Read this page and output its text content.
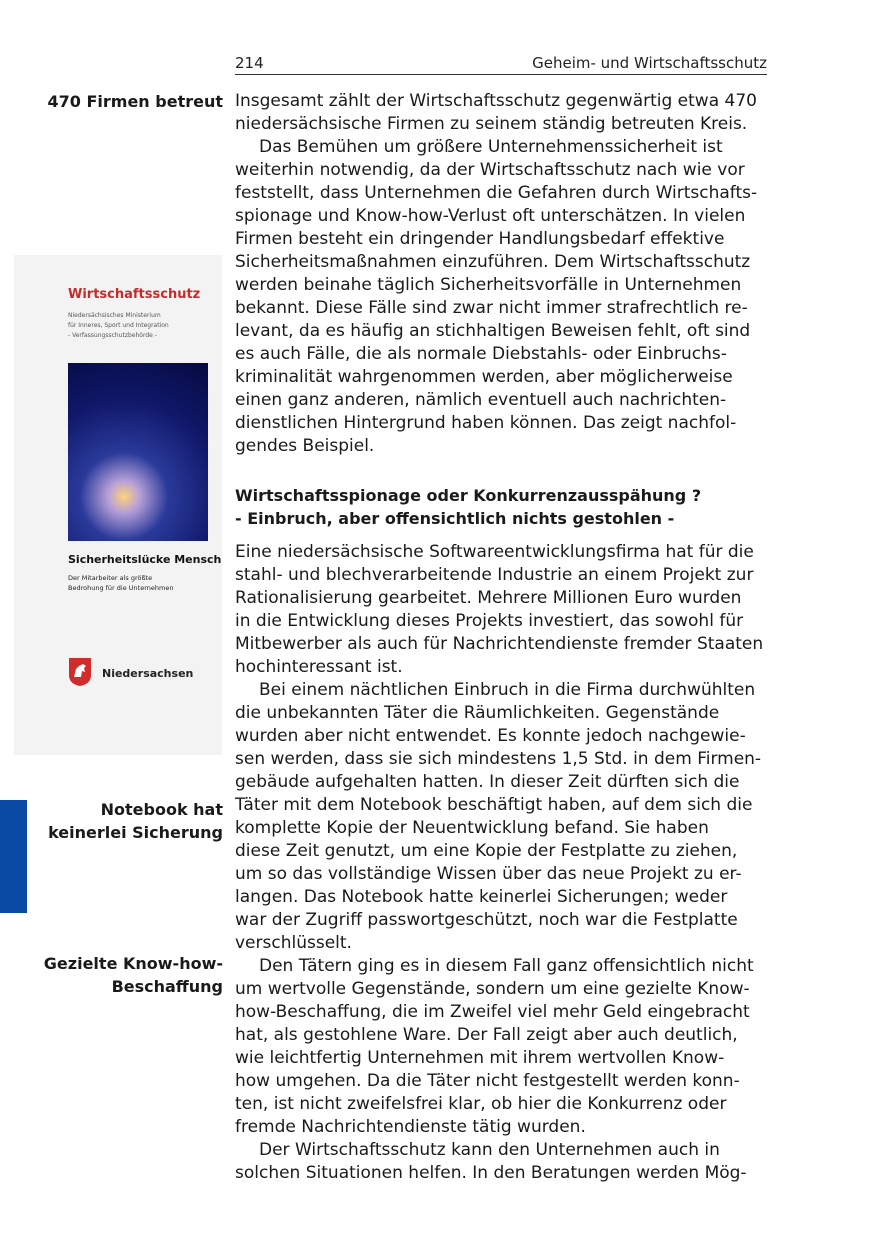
214	Geheim- und Wirtschaftsschutz
Wirtschaftsschutz
Niedersächsisches Ministerium
für Inneres, Sport und Integration
- Verfassungsschutzbehörde -
Sicherheitslücke Mensch
Der Mitarbeiter als größte
Bedrohung für die Unternehmen
Niedersachsen
470 Firmen betreut
Notebook hat
keinerlei Sicherung
Gezielte Know-how-
Beschaffung

Insgesamt zählt der Wirtschaftsschutz gegenwärtig etwa 470
niedersächsische Firmen zu seinem ständig betreuten Kreis.

Das Bemühen um größere Unternehmenssicherheit ist
weiterhin notwendig, da der Wirtschaftsschutz nach wie vor
feststellt, dass Unternehmen die Gefahren durch Wirtschafts-
spionage und Know-how-Verlust oft unterschätzen. In vielen
Firmen besteht ein dringender Handlungsbedarf effektive
Sicherheitsmaßnahmen einzuführen. Dem Wirtschaftsschutz
werden beinahe täglich Sicherheitsvorfälle in Unternehmen
bekannt. Diese Fälle sind zwar nicht immer strafrechtlich re-
levant, da es häufig an stichhaltigen Beweisen fehlt, oft sind
es auch Fälle, die als normale Diebstahls- oder Einbruchs-
kriminalität wahrgenommen werden, aber möglicherweise
einen ganz anderen, nämlich eventuell auch nachrichten-
dienstlichen Hintergrund haben können. Das zeigt nachfol-
gendes Beispiel.

Wirtschaftsspionage oder Konkurrenzausspähung ?
- Einbruch, aber offensichtlich nichts gestohlen -
Eine niedersächsische Softwareentwicklungsfirma hat für die
stahl- und blechverarbeitende Industrie an einem Projekt zur
Rationalisierung gearbeitet. Mehrere Millionen Euro wurden
in die Entwicklung dieses Projekts investiert, das sowohl für
Mitbewerber als auch für Nachrichtendienste fremder Staaten
hochinteressant ist.
Bei einem nächtlichen Einbruch in die Firma durchwühlten
die unbekannten Täter die Räumlichkeiten. Gegenstände
wurden aber nicht entwendet. Es konnte jedoch nachgewie-
sen werden, dass sie sich mindestens 1,5 Std. in dem Firmen-
gebäude aufgehalten hatten. In dieser Zeit dürften sich die
Täter mit dem Notebook beschäftigt haben, auf dem sich die
komplette Kopie der Neuentwicklung befand. Sie haben
diese Zeit genutzt, um eine Kopie der Festplatte zu ziehen,
um so das vollständige Wissen über das neue Projekt zu er-
langen. Das Notebook hatte keinerlei Sicherungen; weder
war der Zugriff passwortgeschützt, noch war die Festplatte
verschlüsselt.
Den Tätern ging es in diesem Fall ganz offensichtlich nicht
um wertvolle Gegenstände, sondern um eine gezielte Know-
how-Beschaffung, die im Zweifel viel mehr Geld eingebracht
hat, als gestohlene Ware. Der Fall zeigt aber auch deutlich,
wie leichtfertig Unternehmen mit ihrem wertvollen Know-
how umgehen. Da die Täter nicht festgestellt werden konn-
ten, ist nicht zweifelsfrei klar, ob hier die Konkurrenz oder
fremde Nachrichtendienste tätig wurden.
Der Wirtschaftsschutz kann den Unternehmen auch in
solchen Situationen helfen. In den Beratungen werden Mög-
